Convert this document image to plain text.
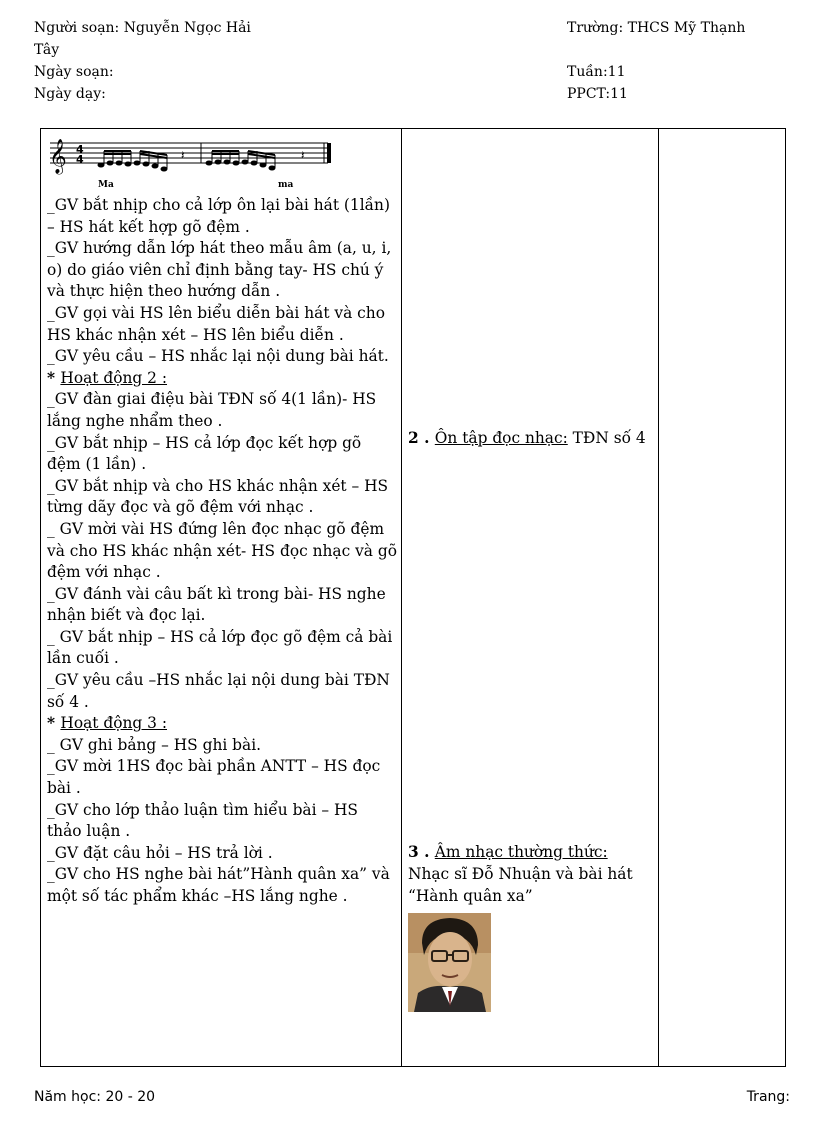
Người soạn: Nguyễn Ngọc Hải
Tây
Ngày soạn:
Ngày dạy:
Trường: THCS Mỹ Thạnh
Tuần:11
PPCT:11
𝄞 4
4	𝄽	𝄽
Ma	ma

_GV bắt nhịp cho cả lớp ôn lại bài hát (1lần) – HS hát kết hợp gõ đệm .

_GV hướng dẫn lớp hát theo mẫu âm (a, u, i, o) do giáo viên chỉ định bằng tay- HS chú ý và thực hiện theo hướng dẫn .

_GV gọi vài HS lên biểu diễn bài hát và cho HS khác nhận xét – HS lên biểu diễn .

_GV yêu cầu – HS nhắc lại nội dung bài hát.

* Hoạt động 2 :

_GV đàn giai điệu bài TĐN số 4(1 lần)- HS lắng nghe nhẩm theo .

_GV bắt nhịp – HS cả lớp đọc kết hợp gõ đệm (1 lần) .

_GV bắt nhịp và cho HS khác nhận xét – HS từng dãy đọc và gõ đệm với nhạc .

_ GV mời vài HS đứng lên đọc nhạc gõ đệm và cho HS khác nhận xét- HS đọc nhạc và gõ đệm với nhạc .

_GV đánh vài câu bất kì trong bài- HS nghe nhận biết và đọc lại.

_ GV bắt nhịp – HS cả lớp đọc gõ đệm cả bài lần cuối .

_GV yêu cầu –HS nhắc lại nội dung bài TĐN số 4 .

* Hoạt động 3 :

_ GV ghi bảng – HS ghi bài.

_GV mời 1HS đọc bài phần ANTT – HS đọc bài .

_GV cho lớp thảo luận tìm hiểu bài – HS thảo luận .

_GV đặt câu hỏi – HS trả lời .

_GV cho HS nghe bài hát”Hành quân xa” và một số tác phẩm khác –HS lắng nghe .

2 . Ôn tập đọc nhạc: TĐN số 4

3 . Âm nhạc thường thức:

Nhạc sĩ Đỗ Nhuận và bài hát “Hành quân xa”

Năm học: 20 - 20	Trang:
